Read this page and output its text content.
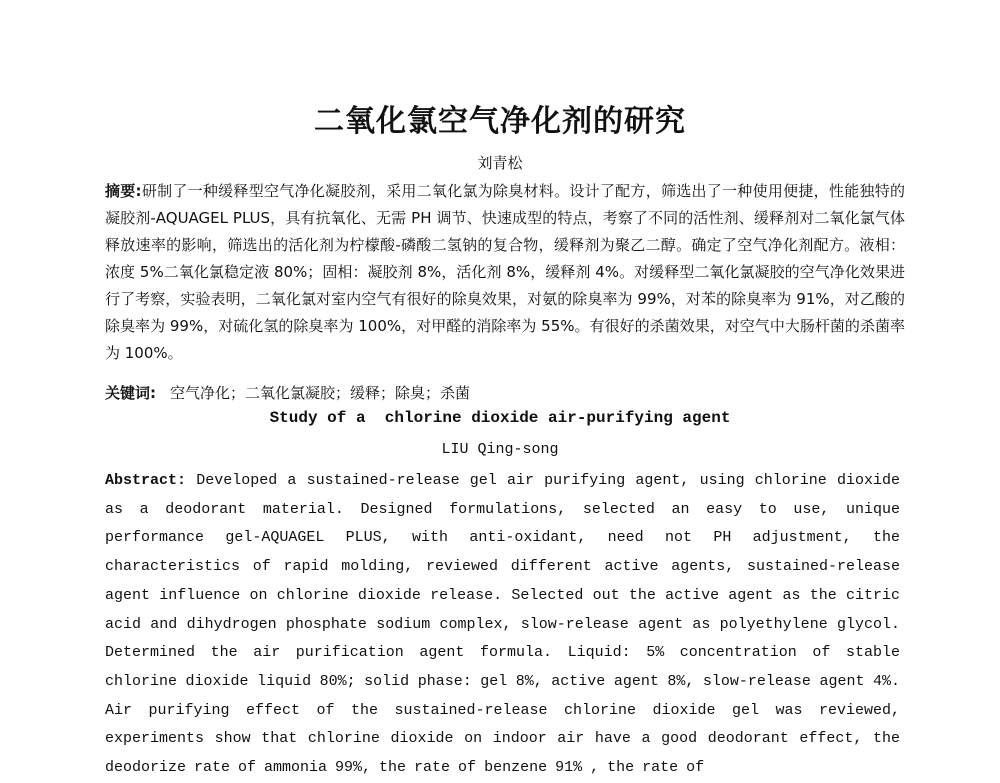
二氧化氯空气净化剂的研究
刘青松
摘要:研制了一种缓释型空气净化凝胶剂，采用二氧化氯为除臭材料。设计了配方，筛选出了一种使用便捷，性能独特的凝胶剂-AQUAGEL PLUS，具有抗氧化、无需 PH 调节、快速成型的特点，考察了不同的活性剂、缓释剂对二氧化氯气体释放速率的影响，筛选出的活化剂为柠檬酸-磷酸二氢钠的复合物，缓释剂为聚乙二醇。确定了空气净化剂配方。液相：浓度 5%二氧化氯稳定液 80%；固相：凝胶剂 8%，活化剂 8%，缓释剂 4%。对缓释型二氧化氯凝胶的空气净化效果进行了考察，实验表明，二氧化氯对室内空气有很好的除臭效果，对氨的除臭率为 99%，对苯的除臭率为 91%，对乙酸的除臭率为 99%，对硫化氢的除臭率为 100%，对甲醛的消除率为 55%。有很好的杀菌效果，对空气中大肠杆菌的杀菌率为 100%。
关键词: 空气净化；二氧化氯凝胶；缓释；除臭；杀菌
Study of a  chlorine dioxide air-purifying agent
LIU Qing-song
Abstract: Developed a sustained-release gel air purifying agent, using chlorine dioxide as a deodorant material. Designed formulations, selected an easy to use, unique performance gel-AQUAGEL PLUS, with anti-oxidant, need not PH adjustment, the characteristics of rapid molding, reviewed different active agents, sustained-release agent influence on chlorine dioxide release. Selected out the active agent as the citric acid and dihydrogen phosphate sodium complex, slow-release agent as polyethylene glycol. Determined the air purification agent formula. Liquid: 5% concentration of stable chlorine dioxide liquid 80%; solid phase: gel 8%, active agent 8%, slow-release agent 4%. Air purifying effect of the sustained-release chlorine dioxide gel was reviewed, experiments show that chlorine dioxide on indoor air have a good deodorant effect, the deodorize rate of ammonia 99%, the rate of benzene 91% , the rate of
